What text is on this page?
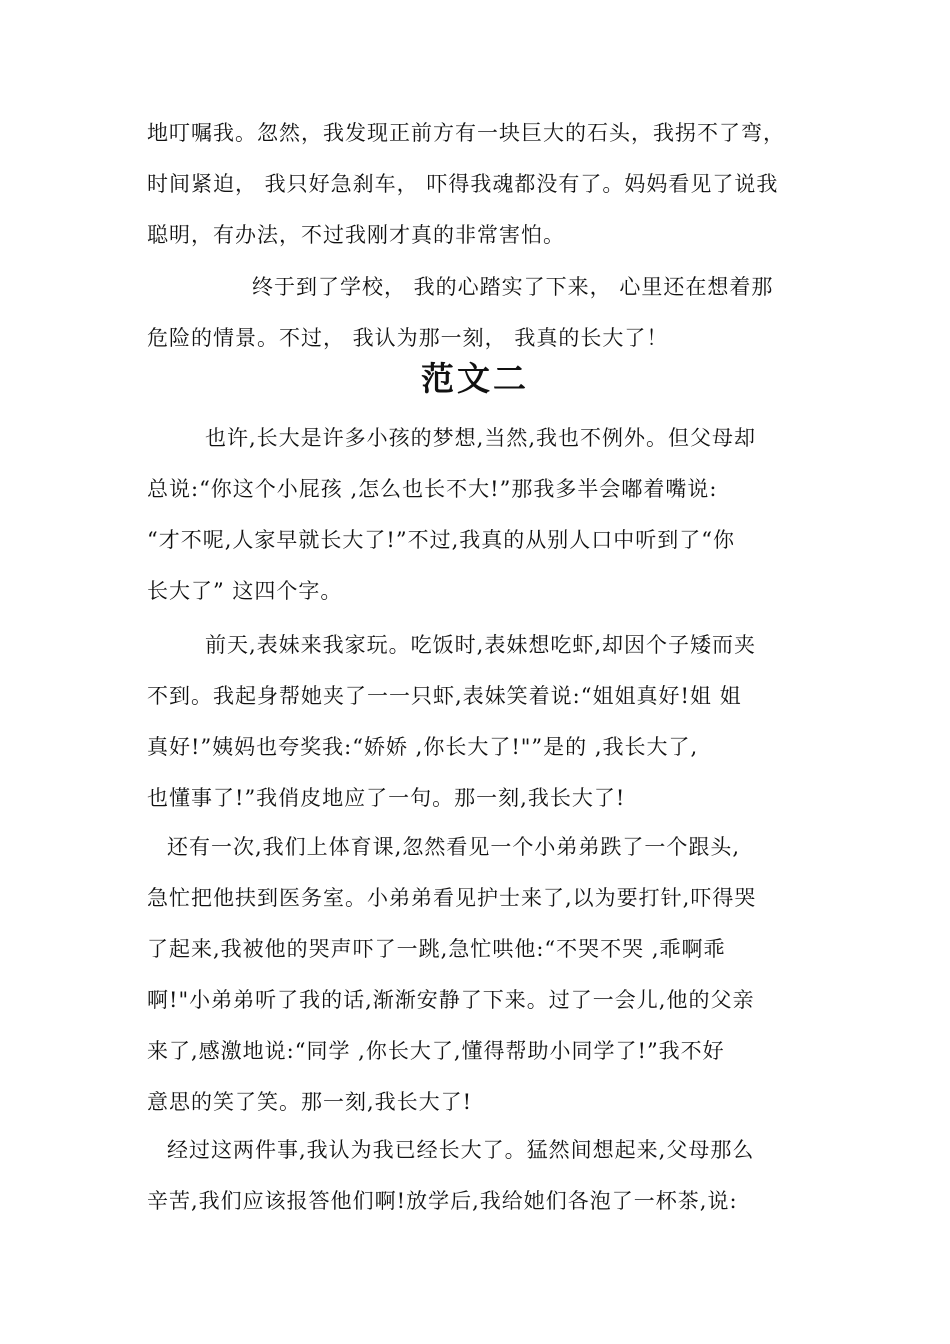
地叮嘱我。忽然，我发现正前方有一块巨大的石头，我拐不了弯，
时间紧迫， 我只好急刹车， 吓得我魂都没有了。妈妈看见了说我
聪明，有办法，不过我刚才真的非常害怕。
终于到了学校， 我的心踏实了下来， 心里还在想着那
危险的情景。不过， 我认为那一刻， 我真的长大了！
范文二
也许,长大是许多小孩的梦想,当然,我也不例外。但父母却
总说:“你这个小屁孩 ,怎么也长不大!”那我多半会嘟着嘴说:
“才不呢,人家早就长大了!”不过,我真的从别人口中听到了“你
长大了” 这四个字。
前天,表妹来我家玩。吃饭时,表妹想吃虾,却因个子矮而夹
不到。我起身帮她夹了一一只虾,表妹笑着说:“姐姐真好!姐 姐
真好!”姨妈也夸奖我:“娇娇 ,你长大了!"”是的 ,我长大了,
也懂事了!”我俏皮地应了一句。那一刻,我长大了!
还有一次,我们上体育课,忽然看见一个小弟弟跌了一个跟头,
急忙把他扶到医务室。小弟弟看见护士来了,以为要打针,吓得哭
了起来,我被他的哭声吓了一跳,急忙哄他:“不哭不哭 ,乖啊乖
啊!"小弟弟听了我的话,渐渐安静了下来。过了一会儿,他的父亲
来了,感激地说:“同学 ,你长大了,懂得帮助小同学了!”我不好
意思的笑了笑。那一刻,我长大了!
经过这两件事,我认为我已经长大了。猛然间想起来,父母那么
辛苦,我们应该报答他们啊!放学后,我给她们各泡了一杯茶,说:
